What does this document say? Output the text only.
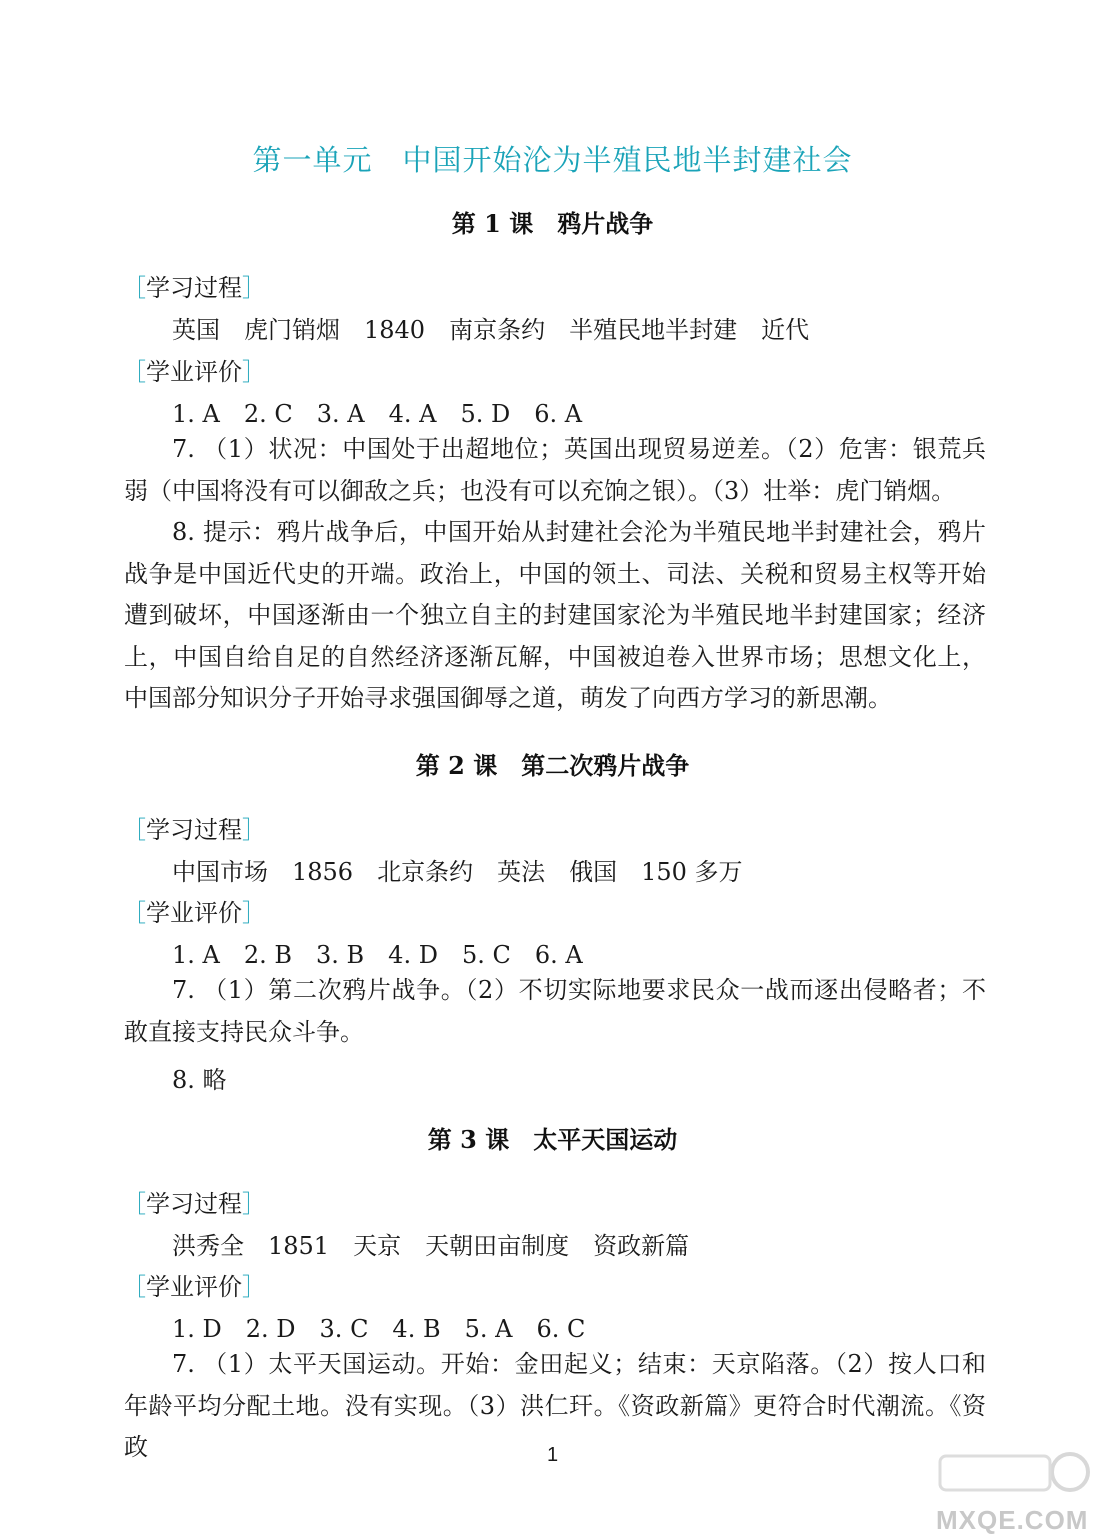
第一单元　中国开始沦为半殖民地半封建社会
第 1 课　鸦片战争
［学习过程］
英国　虎门销烟　1840　南京条约　半殖民地半封建　近代
［学业评价］
1. A　2. C　3. A　4. A　5. D　6. A
7. （1）状况：中国处于出超地位；英国出现贸易逆差。（2）危害：银荒兵弱（中国将没有可以御敌之兵；也没有可以充饷之银）。（3）壮举：虎门销烟。
8. 提示：鸦片战争后，中国开始从封建社会沦为半殖民地半封建社会，鸦片战争是中国近代史的开端。政治上，中国的领土、司法、关税和贸易主权等开始遭到破坏，中国逐渐由一个独立自主的封建国家沦为半殖民地半封建国家；经济上，中国自给自足的自然经济逐渐瓦解，中国被迫卷入世界市场；思想文化上，中国部分知识分子开始寻求强国御辱之道，萌发了向西方学习的新思潮。
第 2 课　第二次鸦片战争
［学习过程］
中国市场　1856　北京条约　英法　俄国　150 多万
［学业评价］
1. A　2. B　3. B　4. D　5. C　6. A
7. （1）第二次鸦片战争。（2）不切实际地要求民众一战而逐出侵略者；不敢直接支持民众斗争。
8. 略
第 3 课　太平天国运动
［学习过程］
洪秀全　1851　天京　天朝田亩制度　资政新篇
［学业评价］
1. D　2. D　3. C　4. B　5. A　6. C
7. （1）太平天国运动。开始：金田起义；结束：天京陷落。（2）按人口和年龄平均分配土地。没有实现。（3）洪仁玕。《资政新篇》更符合时代潮流。《资政	1
MXQE.COM
